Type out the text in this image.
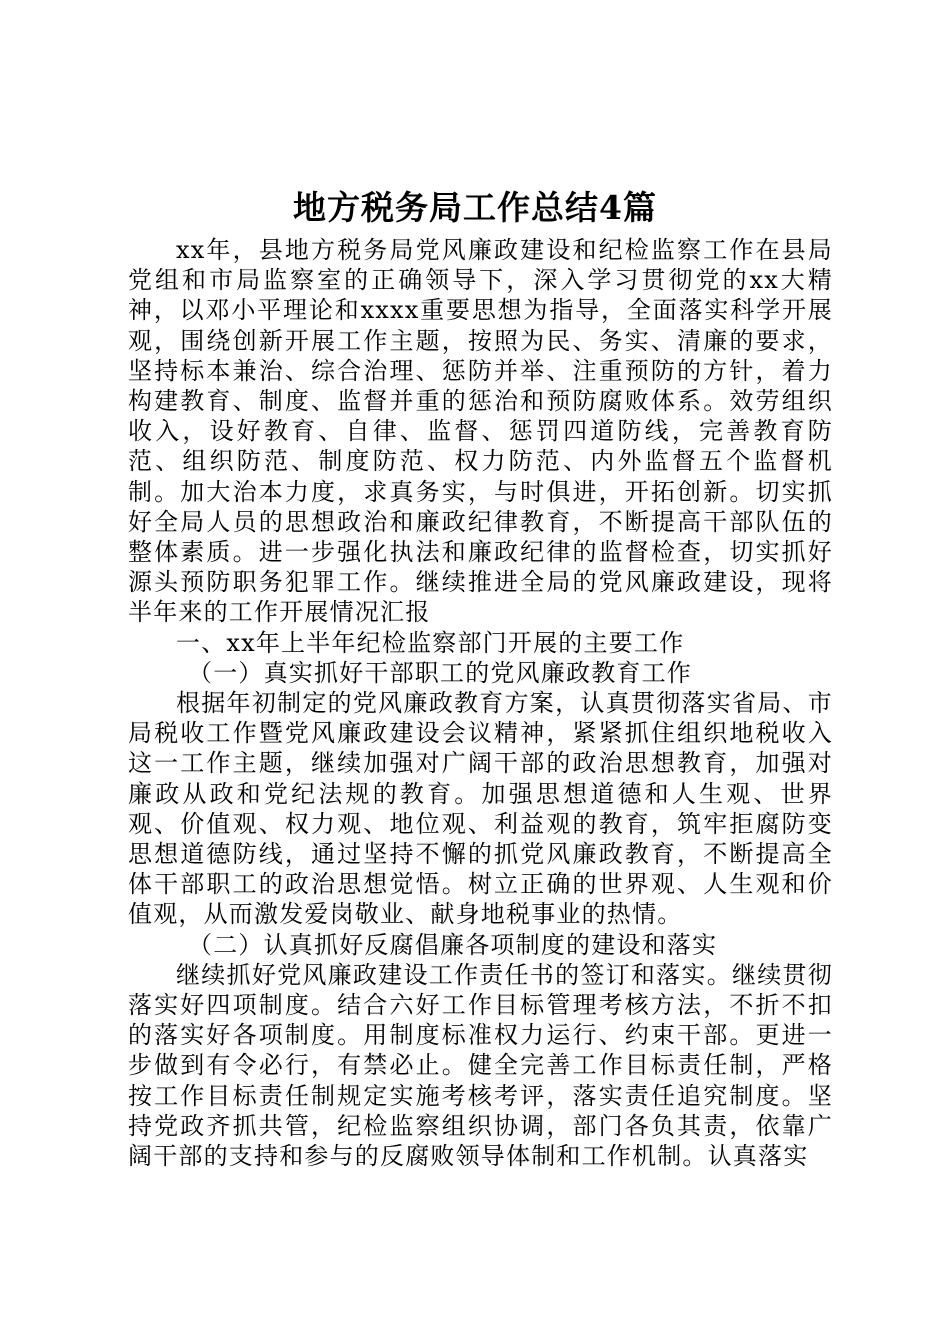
地方税务局工作总结4篇

xx年，县地方税务局党风廉政建设和纪检监察工作在县局党组和市局监察室的正确领导下，深入学习贯彻党的xx大精神，以邓小平理论和xxxx重要思想为指导，全面落实科学开展观，围绕创新开展工作主题，按照为民、务实、清廉的要求，坚持标本兼治、综合治理、惩防并举、注重预防的方针，着力构建教育、制度、监督并重的惩治和预防腐败体系。效劳组织收入，设好教育、自律、监督、惩罚四道防线，完善教育防范、组织防范、制度防范、权力防范、内外监督五个监督机制。加大治本力度，求真务实，与时俱进，开拓创新。切实抓好全局人员的思想政治和廉政纪律教育，不断提高干部队伍的整体素质。进一步强化执法和廉政纪律的监督检查，切实抓好源头预防职务犯罪工作。继续推进全局的党风廉政建设，现将半年来的工作开展情况汇报

一、xx年上半年纪检监察部门开展的主要工作

（一）真实抓好干部职工的党风廉政教育工作

根据年初制定的党风廉政教育方案，认真贯彻落实省局、市局税收工作暨党风廉政建设会议精神，紧紧抓住组织地税收入这一工作主题，继续加强对广阔干部的政治思想教育，加强对廉政从政和党纪法规的教育。加强思想道德和人生观、世界观、价值观、权力观、地位观、利益观的教育，筑牢拒腐防变思想道德防线，通过坚持不懈的抓党风廉政教育，不断提高全体干部职工的政治思想觉悟。树立正确的世界观、人生观和价值观，从而激发爱岗敬业、献身地税事业的热情。

（二）认真抓好反腐倡廉各项制度的建设和落实

继续抓好党风廉政建设工作责任书的签订和落实。继续贯彻落实好四项制度。结合六好工作目标管理考核方法，不折不扣的落实好各项制度。用制度标准权力运行、约束干部。更进一步做到有令必行，有禁必止。健全完善工作目标责任制，严格按工作目标责任制规定实施考核考评，落实责任追究制度。坚持党政齐抓共管，纪检监察组织协调，部门各负其责，依靠广阔干部的支持和参与的反腐败领导体制和工作机制。认真落实
